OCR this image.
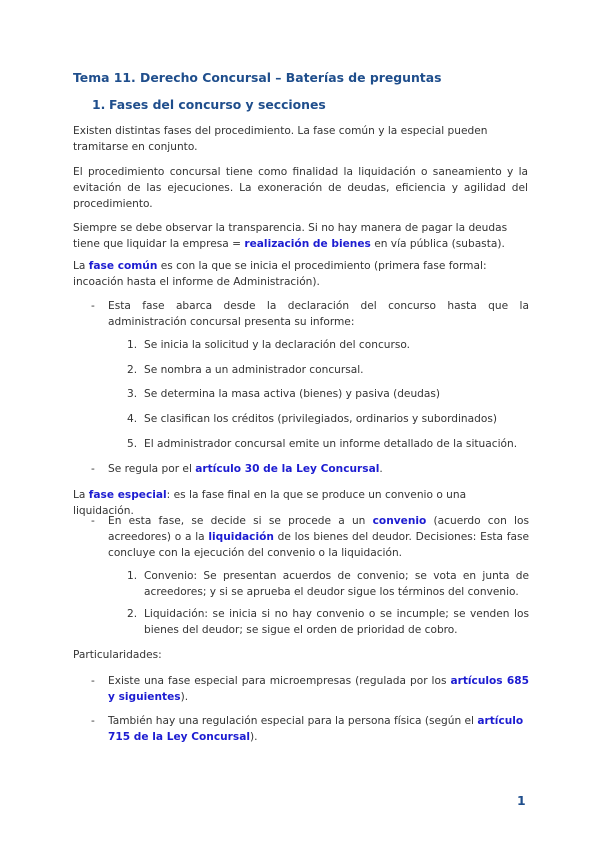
Tema 11. Derecho Concursal – Baterías de preguntas
1. Fases del concurso y secciones
Existen distintas fases del procedimiento. La fase común y la especial pueden tramitarse en conjunto.
El procedimiento concursal tiene como finalidad la liquidación o saneamiento y la evitación de las ejecuciones. La exoneración de deudas, eficiencia y agilidad del procedimiento.
Siempre se debe observar la transparencia. Si no hay manera de pagar la deudas tiene que liquidar la empresa = realización de bienes en vía pública (subasta).
La fase común es con la que se inicia el procedimiento (primera fase formal: incoación hasta el informe de Administración).
- Esta fase abarca desde la declaración del concurso hasta que la administración concursal presenta su informe:
1. Se inicia la solicitud y la declaración del concurso.
2. Se nombra a un administrador concursal.
3. Se determina la masa activa (bienes) y pasiva (deudas)
4. Se clasifican los créditos (privilegiados, ordinarios y subordinados)
5. El administrador concursal emite un informe detallado de la situación.
- Se regula por el artículo 30 de la Ley Concursal.
La fase especial: es la fase final en la que se produce un convenio o una liquidación.
- En esta fase, se decide si se procede a un convenio (acuerdo con los acreedores) o a la liquidación de los bienes del deudor. Decisiones: Esta fase concluye con la ejecución del convenio o la liquidación.
1. Convenio: Se presentan acuerdos de convenio; se vota en junta de acreedores; y si se aprueba el deudor sigue los términos del convenio.
2. Liquidación: se inicia si no hay convenio o se incumple; se venden los bienes del deudor; se sigue el orden de prioridad de cobro.
Particularidades:
- Existe una fase especial para microempresas (regulada por los artículos 685 y siguientes).
- También hay una regulación especial para la persona física (según el artículo 715 de la Ley Concursal).
1
